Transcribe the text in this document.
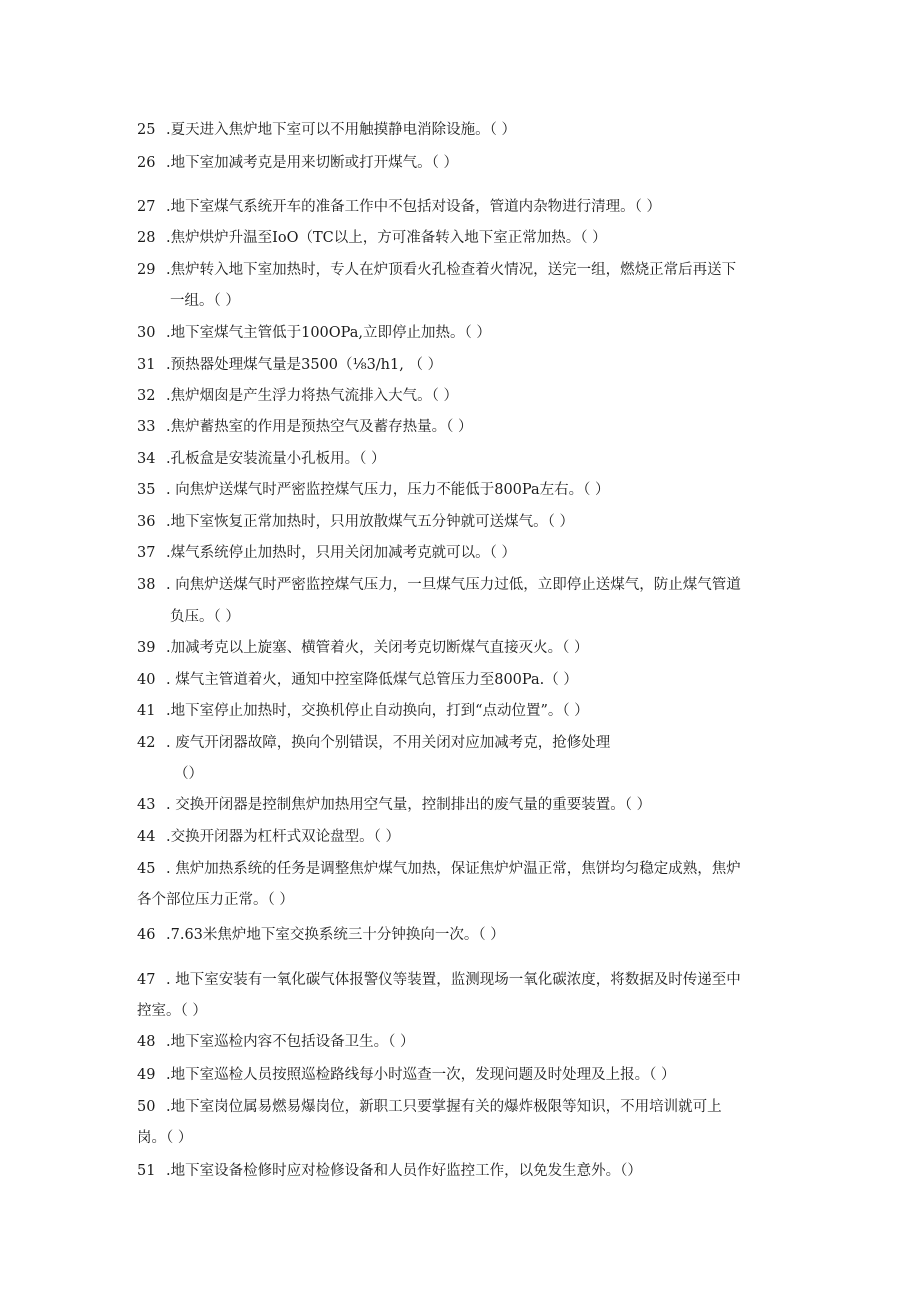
25 .夏天进入焦炉地下室可以不用触摸静电消除设施。（ ）
26 .地下室加减考克是用来切断或打开煤气。（ ）
27 .地下室煤气系统开车的准备工作中不包括对设备，管道内杂物进行清理。（ ）
28 .焦炉烘炉升温至IoO（TC以上，方可准备转入地下室正常加热。（ ）
29 .焦炉转入地下室加热时，专人在炉顶看火孔检查着火情况，送完一组，燃烧正常后再送下
一组。（ ）
30 .地下室煤气主管低于100OPa,立即停止加热。（ ）
31 .预热器处理煤气量是3500（⅛3∕h1, （ ）
32 .焦炉烟囱是产生浮力将热气流排入大气。（ ）
33 .焦炉蓄热室的作用是预热空气及蓄存热量。（ ）
34 .孔板盒是安装流量小孔板用。（ ）
35 . 向焦炉送煤气时严密监控煤气压力，压力不能低于800Pa左右。（ ）
36 .地下室恢复正常加热时，只用放散煤气五分钟就可送煤气。（ ）
37 .煤气系统停止加热时，只用关闭加减考克就可以。（ ）
38 . 向焦炉送煤气时严密监控煤气压力，一旦煤气压力过低，立即停止送煤气，防止煤气管道
负压。（ ）
39 .加减考克以上旋塞、横管着火，关闭考克切断煤气直接灭火。（ ）
40 . 煤气主管道着火，通知中控室降低煤气总管压力至800Pa.（ ）
41 .地下室停止加热时，交换机停止自动换向，打到“点动位置”。（ ）
42 . 废气开闭器故障，换向个别错误，不用关闭对应加减考克，抢修处理
（）
43 . 交换开闭器是控制焦炉加热用空气量，控制排出的废气量的重要装置。（ ）
44 .交换开闭器为杠杆式双论盘型。（ ）
45 . 焦炉加热系统的任务是调整焦炉煤气加热，保证焦炉炉温正常，焦饼均匀稳定成熟，焦炉
各个部位压力正常。（ ）
46 .7.63米焦炉地下室交换系统三十分钟换向一次。（ ）
47 . 地下室安装有一氧化碳气体报警仪等装置，监测现场一氧化碳浓度，将数据及时传递至中
控室。（ ）
48 .地下室巡检内容不包括设备卫生。（ ）
49 .地下室巡检人员按照巡检路线每小时巡查一次，发现问题及时处理及上报。（ ）
50 .地下室岗位属易燃易爆岗位，新职工只要掌握有关的爆炸极限等知识，不用培训就可上
岗。（ ）
51 .地下室设备检修时应对检修设备和人员作好监控工作，以免发生意外。（）
